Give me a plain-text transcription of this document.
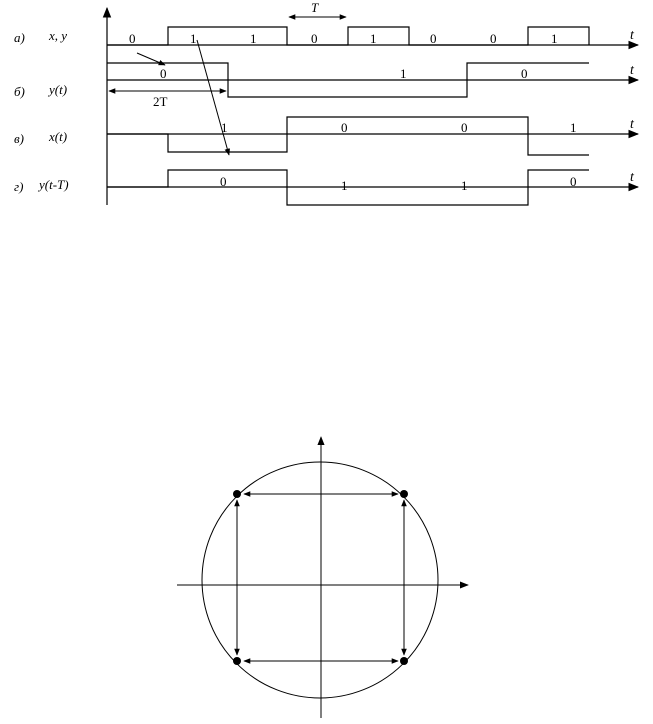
а) x, y
б) y(t)
в) x(t)
г) y(t-T)
t
t
t
t
T
2T
0	1	1	0	1	0	0	1
0	1	0
1	0	0	1
0	1	1	0
